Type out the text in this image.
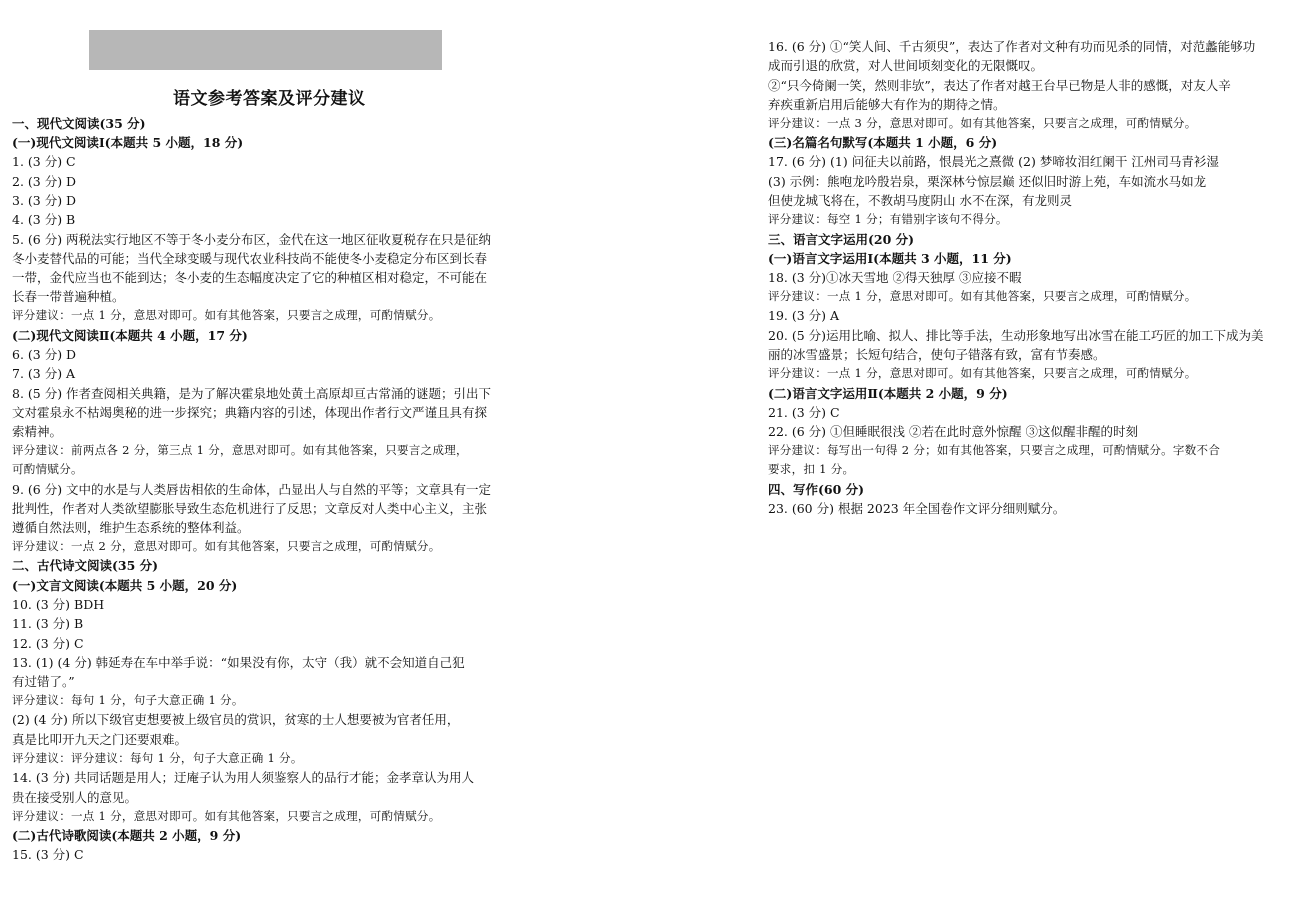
语文参考答案及评分建议
一、现代文阅读(35 分)
(一)现代文阅读Ⅰ(本题共 5 小题，18 分)
1. (3 分) C
2. (3 分) D
3. (3 分) D
4. (3 分) B
5. (6 分) 两税法实行地区不等于冬小麦分布区，金代在这一地区征收夏税存在只是征纳
冬小麦替代品的可能；当代全球变暖与现代农业科技尚不能使冬小麦稳定分布区到长春
一带，金代应当也不能到达；冬小麦的生态幅度决定了它的种植区相对稳定，不可能在
长春一带普遍种植。
评分建议：一点 1 分，意思对即可。如有其他答案，只要言之成理，可酌情赋分。
(二)现代文阅读Ⅱ(本题共 4 小题，17 分)
6. (3 分) D
7. (3 分) A
8. (5 分) 作者查阅相关典籍，是为了解决霍泉地处黄土高原却亘古常涌的谜题；引出下
文对霍泉永不枯竭奥秘的进一步探究；典籍内容的引述，体现出作者行文严谨且具有探
索精神。
评分建议：前两点各 2 分，第三点 1 分，意思对即可。如有其他答案，只要言之成理，
可酌情赋分。
9. (6 分) 文中的水是与人类唇齿相依的生命体，凸显出人与自然的平等；文章具有一定
批判性，作者对人类欲望膨胀导致生态危机进行了反思；文章反对人类中心主义，主张
遵循自然法则，维护生态系统的整体利益。
评分建议：一点 2 分，意思对即可。如有其他答案，只要言之成理，可酌情赋分。
二、古代诗文阅读(35 分)
(一)文言文阅读(本题共 5 小题，20 分)
10. (3 分) BDH
11. (3 分) B
12. (3 分) C
13. (1) (4 分) 韩延寿在车中举手说：“如果没有你，太守（我）就不会知道自己犯
有过错了。”
评分建议：每句 1 分，句子大意正确 1 分。
(2) (4 分) 所以下级官吏想要被上级官员的赏识，贫寒的士人想要被为官者任用，
真是比叩开九天之门还要艰难。
评分建议：评分建议：每句 1 分，句子大意正确 1 分。
14. (3 分) 共同话题是用人；迂庵子认为用人须鉴察人的品行才能；金孝章认为用人
贵在接受别人的意见。
评分建议：一点 1 分，意思对即可。如有其他答案，只要言之成理，可酌情赋分。
(二)古代诗歌阅读(本题共 2 小题，9 分)
15. (3 分) C
16. (6 分) ①“笑人间、千古须臾”，表达了作者对文种有功而见杀的同情，对范蠡能够功
成而引退的欣赏，对人世间顷刻变化的无限慨叹。
②“只今倚阑一笑，然则非欤”，表达了作者对越王台早已物是人非的感慨，对友人辛
弃疾重新启用后能够大有作为的期待之情。
评分建议：一点 3 分，意思对即可。如有其他答案，只要言之成理，可酌情赋分。
(三)名篇名句默写(本题共 1 小题，6 分)
17. (6 分) (1) 问征夫以前路，恨晨光之熹微 (2) 梦啼妆泪红阑干 江州司马青衫湿
(3) 示例：熊咆龙吟殷岩泉，栗深林兮惊层巅 还似旧时游上苑，车如流水马如龙
但使龙城飞将在，不教胡马度阴山 水不在深，有龙则灵
评分建议：每空 1 分；有错别字该句不得分。
三、语言文字运用(20 分)
(一)语言文字运用Ⅰ(本题共 3 小题，11 分)
18. (3 分)①冰天雪地 ②得天独厚 ③应接不暇
评分建议：一点 1 分，意思对即可。如有其他答案，只要言之成理，可酌情赋分。
19. (3 分) A
20. (5 分)运用比喻、拟人、排比等手法，生动形象地写出冰雪在能工巧匠的加工下成为美
丽的冰雪盛景；长短句结合，使句子错落有致，富有节奏感。
评分建议：一点 1 分，意思对即可。如有其他答案，只要言之成理，可酌情赋分。
(二)语言文字运用Ⅱ(本题共 2 小题，9 分)
21. (3 分) C
22. (6 分) ①但睡眠很浅 ②若在此时意外惊醒 ③这似醒非醒的时刻
评分建议：每写出一句得 2 分；如有其他答案，只要言之成理，可酌情赋分。字数不合
要求，扣 1 分。
四、写作(60 分)
23. (60 分) 根据 2023 年全国卷作文评分细则赋分。
